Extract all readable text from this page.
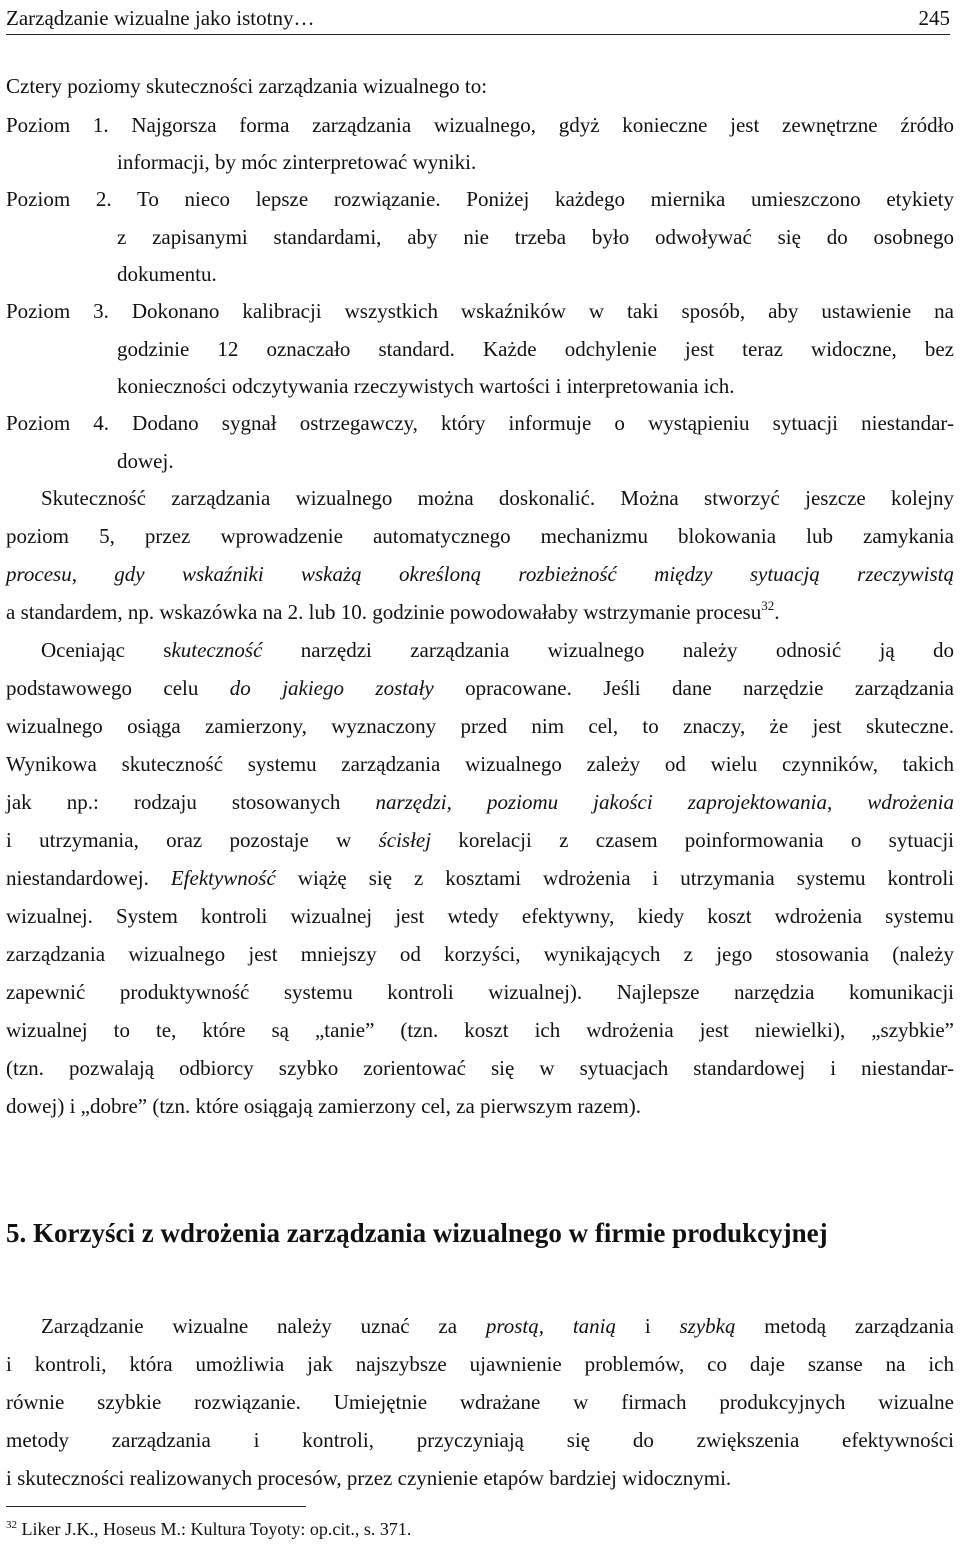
Zarządzanie wizualne jako istotny…	245
Cztery poziomy skuteczności zarządzania wizualnego to:
Poziom 1. Najgorsza forma zarządzania wizualnego, gdyż konieczne jest zewnętrzne źródło
informacji, by móc zinterpretować wyniki.
Poziom 2. To nieco lepsze rozwiązanie. Poniżej każdego miernika umieszczono etykiety
z zapisanymi standardami, aby nie trzeba było odwoływać się do osobnego
dokumentu.
Poziom 3. Dokonano kalibracji wszystkich wskaźników w taki sposób, aby ustawienie na
godzinie 12 oznaczało standard. Każde odchylenie jest teraz widoczne, bez
konieczności odczytywania rzeczywistych wartości i interpretowania ich.
Poziom 4. Dodano sygnał ostrzegawczy, który informuje o wystąpieniu sytuacji niestandar-
dowej.
Skuteczność zarządzania wizualnego można doskonalić. Można stworzyć jeszcze kolejny
poziom 5, przez wprowadzenie automatycznego mechanizmu blokowania lub zamykania
procesu, gdy wskaźniki wskażą określoną rozbieżność między sytuacją rzeczywistą
a standardem, np. wskazówka na 2. lub 10. godzinie powodowałaby wstrzymanie procesu$^{32}$.
Oceniając skuteczność narzędzi zarządzania wizualnego należy odnosić ją do
podstawowego celu do jakiego zostały opracowane. Jeśli dane narzędzie zarządzania
wizualnego osiąga zamierzony, wyznaczony przed nim cel, to znaczy, że jest skuteczne.
Wynikowa skuteczność systemu zarządzania wizualnego zależy od wielu czynników, takich
jak np.: rodzaju stosowanych narzędzi, poziomu jakości zaprojektowania, wdrożenia
i utrzymania, oraz pozostaje w ścisłej korelacji z czasem poinformowania o sytuacji
niestandardowej. Efektywność wiążę się z kosztami wdrożenia i utrzymania systemu kontroli
wizualnej. System kontroli wizualnej jest wtedy efektywny, kiedy koszt wdrożenia systemu
zarządzania wizualnego jest mniejszy od korzyści, wynikających z jego stosowania (należy
zapewnić produktywność systemu kontroli wizualnej). Najlepsze narzędzia komunikacji
wizualnej to te, które są „tanie” (tzn. koszt ich wdrożenia jest niewielki), „szybkie”
(tzn. pozwalają odbiorcy szybko zorientować się w sytuacjach standardowej i niestandar-
dowej) i „dobre” (tzn. które osiągają zamierzony cel, za pierwszym razem).
5. Korzyści z wdrożenia zarządzania wizualnego w firmie produkcyjnej
Zarządzanie wizualne należy uznać za prostą, tanią i szybką metodą zarządzania
i kontroli, która umożliwia jak najszybsze ujawnienie problemów, co daje szanse na ich
równie szybkie rozwiązanie. Umiejętnie wdrażane w firmach produkcyjnych wizualne
metody zarządzania i kontroli, przyczyniają się do zwiększenia efektywności
i skuteczności realizowanych procesów, przez czynienie etapów bardziej widocznymi.
$^{32}$ Liker J.K., Hoseus M.: Kultura Toyoty: op.cit., s. 371.
